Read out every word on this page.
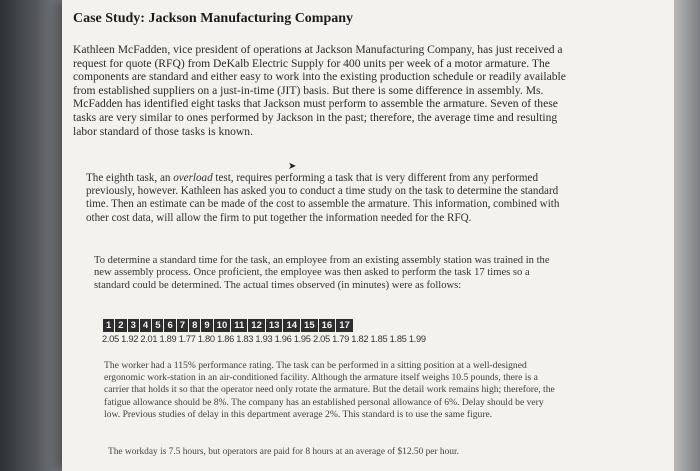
Case Study: Jackson Manufacturing Company
Kathleen McFadden, vice president of operations at Jackson Manufacturing Company, has just received a request for quote (RFQ) from DeKalb Electric Supply for 400 units per week of a motor armature. The components are standard and either easy to work into the existing production schedule or readily available from established suppliers on a just-in-time (JIT) basis. But there is some difference in assembly. Ms. McFadden has identified eight tasks that Jackson must perform to assemble the armature. Seven of these tasks are very similar to ones performed by Jackson in the past; therefore, the average time and resulting labor standard of those tasks is known.
➤
The eighth task, an overload test, requires performing a task that is very different from any performed previously, however. Kathleen has asked you to conduct a time study on the task to determine the standard time. Then an estimate can be made of the cost to assemble the armature. This information, combined with other cost data, will allow the firm to put together the information needed for the RFQ.
To determine a standard time for the task, an employee from an existing assembly station was trained in the new assembly process. Once proficient, the employee was then asked to perform the task 17 times so a standard could be determined. The actual times observed (in minutes) were as follows:
1	2	3	4	5	6	7	8	9	10	11	12	13	14	15	16	17
2.05 1.92 2.01 1.89 1.77 1.80 1.86 1.83 1.93 1.96 1.95 2.05 1.79 1.82 1.85 1.85 1.99
The worker had a 115% performance rating. The task can be performed in a sitting position at a well-designed ergonomic work-station in an air-conditioned facility. Although the armature itself weighs 10.5 pounds, there is a carrier that holds it so that the operator need only rotate the armature. But the detail work remains high; therefore, the fatigue allowance should be 8%. The company has an established personal allowance of 6%. Delay should be very low. Previous studies of delay in this department average 2%. This standard is to use the same figure.
The workday is 7.5 hours, but operators are paid for 8 hours at an average of $12.50 per hour.
